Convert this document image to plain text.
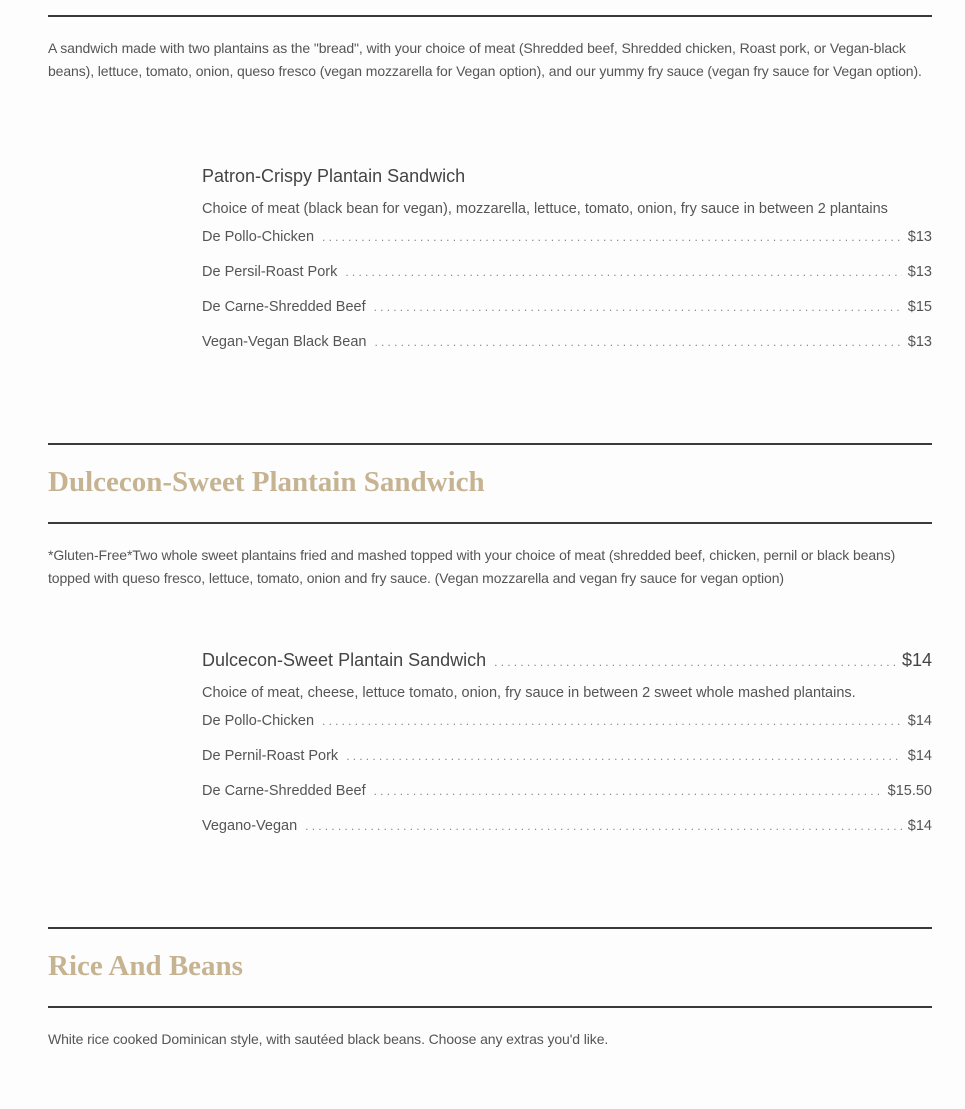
A sandwich made with two plantains as the "bread", with your choice of meat (Shredded beef, Shredded chicken, Roast pork, or Vegan-black beans), lettuce, tomato, onion, queso fresco (vegan mozzarella for Vegan option), and our yummy fry sauce (vegan fry sauce for Vegan option).
Patron-Crispy Plantain Sandwich
Choice of meat (black bean for vegan), mozzarella, lettuce, tomato, onion, fry sauce in between 2 plantains
De Pollo-Chicken .....	$13
De Persil-Roast Pork .....	$13
De Carne-Shredded Beef .....	$15
Vegan-Vegan Black Bean .....	$13
Dulcecon-Sweet Plantain Sandwich
*Gluten-Free*Two whole sweet plantains fried and mashed topped with your choice of meat (shredded beef, chicken, pernil or black beans) topped with queso fresco, lettuce, tomato, onion and fry sauce. (Vegan mozzarella and vegan fry sauce for vegan option)
Dulcecon-Sweet Plantain Sandwich .....	$14
Choice of meat, cheese, lettuce tomato, onion, fry sauce in between 2 sweet whole mashed plantains.
De Pollo-Chicken .....	$14
De Pernil-Roast Pork .....	$14
De Carne-Shredded Beef .....	$15.50
Vegano-Vegan .....	$14
Rice And Beans
White rice cooked Dominican style, with sautéed black beans. Choose any extras you'd like.
